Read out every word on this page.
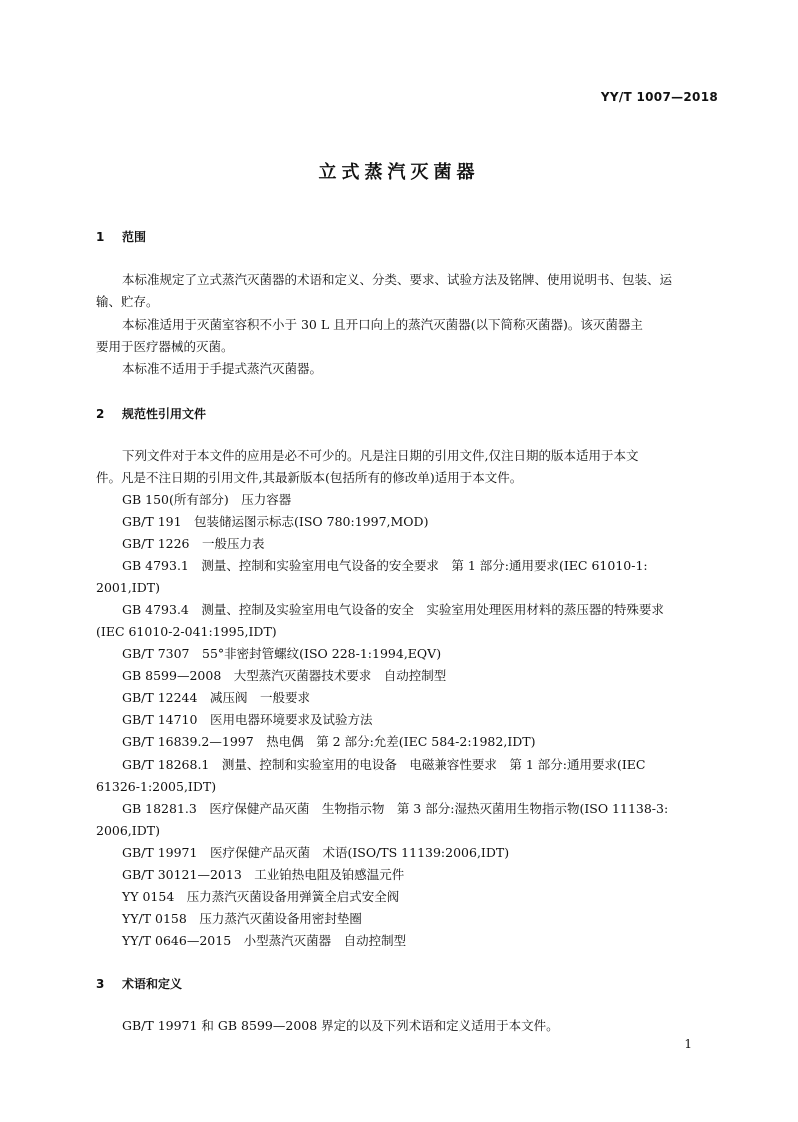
YY/T 1007—2018
立式蒸汽灭菌器
1 范围
本标准规定了立式蒸汽灭菌器的术语和定义、分类、要求、试验方法及铭牌、使用说明书、包装、运
输、贮存。
本标准适用于灭菌室容积不小于 30 L 且开口向上的蒸汽灭菌器(以下简称灭菌器)。该灭菌器主
要用于医疗器械的灭菌。
本标准不适用于手提式蒸汽灭菌器。
2 规范性引用文件
下列文件对于本文件的应用是必不可少的。凡是注日期的引用文件,仅注日期的版本适用于本文
件。凡是不注日期的引用文件,其最新版本(包括所有的修改单)适用于本文件。
GB 150(所有部分)　压力容器
GB/T 191　包装储运图示标志(ISO 780:1997,MOD)
GB/T 1226　一般压力表
GB 4793.1　测量、控制和实验室用电气设备的安全要求　第 1 部分:通用要求(IEC 61010-1:
2001,IDT)
GB 4793.4　测量、控制及实验室用电气设备的安全　实验室用处理医用材料的蒸压器的特殊要求
(IEC 61010-2-041:1995,IDT)
GB/T 7307　55°非密封管螺纹(ISO 228-1:1994,EQV)
GB 8599—2008　大型蒸汽灭菌器技术要求　自动控制型
GB/T 12244　减压阀　一般要求
GB/T 14710　医用电器环境要求及试验方法
GB/T 16839.2—1997　热电偶　第 2 部分:允差(IEC 584-2:1982,IDT)
GB/T 18268.1　测量、控制和实验室用的电设备　电磁兼容性要求　第 1 部分:通用要求(IEC
61326-1:2005,IDT)
GB 18281.3　医疗保健产品灭菌　生物指示物　第 3 部分:湿热灭菌用生物指示物(ISO 11138-3:
2006,IDT)
GB/T 19971　医疗保健产品灭菌　术语(ISO/TS 11139:2006,IDT)
GB/T 30121—2013　工业铂热电阻及铂感温元件
YY 0154　压力蒸汽灭菌设备用弹簧全启式安全阀
YY/T 0158　压力蒸汽灭菌设备用密封垫圈
YY/T 0646—2015　小型蒸汽灭菌器　自动控制型
3 术语和定义
GB/T 19971 和 GB 8599—2008 界定的以及下列术语和定义适用于本文件。
1
